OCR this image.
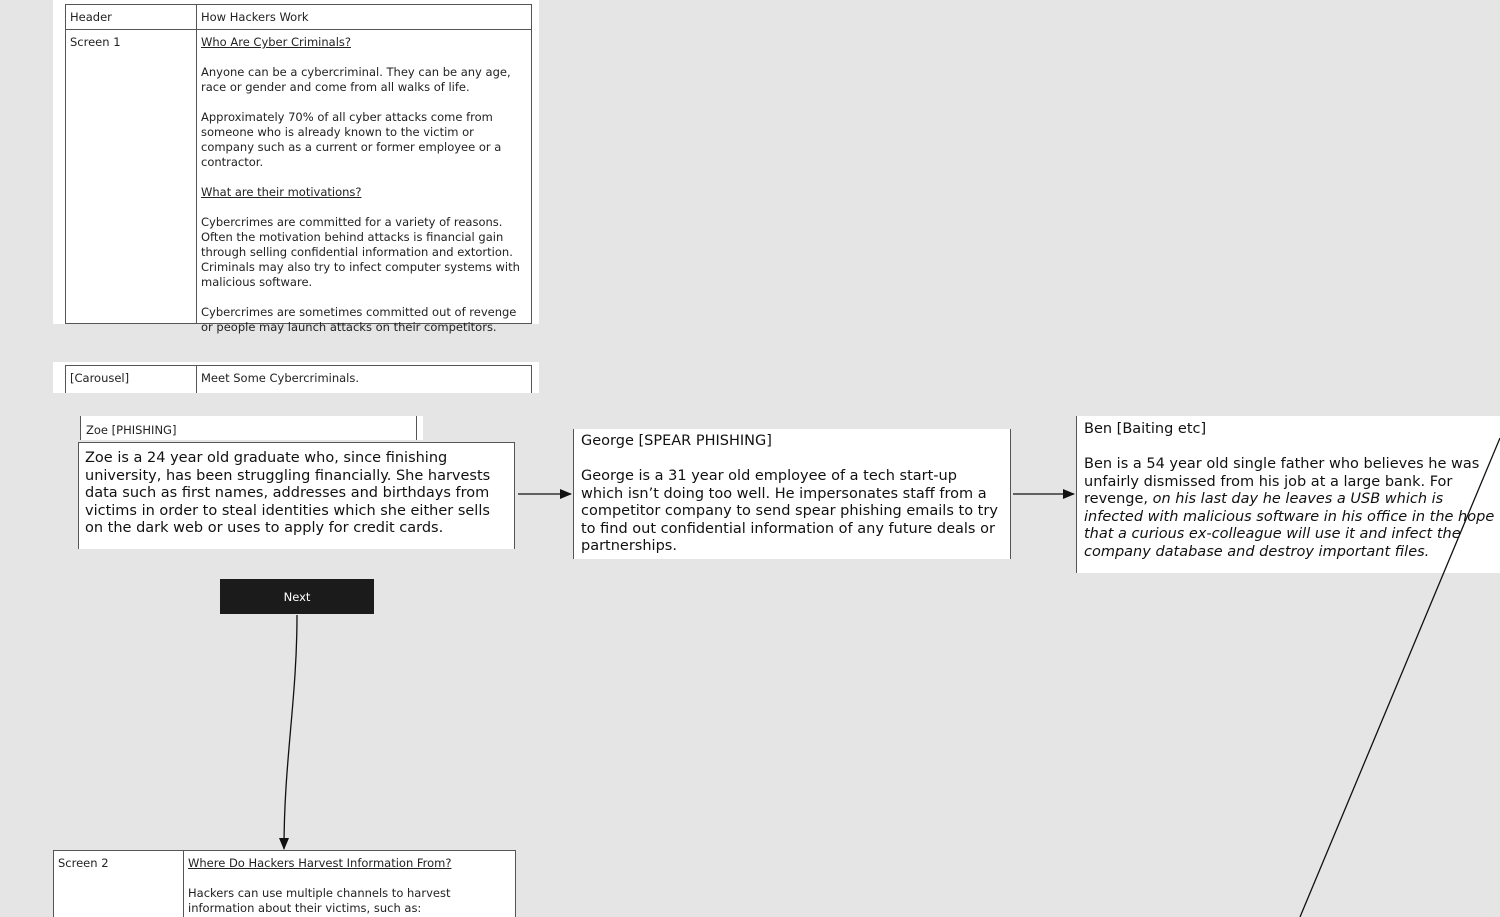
Header	How Hackers Work
Screen 1	Who Are Cyber Criminals?

Anyone can be a cybercriminal. They can be any age, race or gender and come from all walks of life.

Approximately 70% of all cyber attacks come from someone who is already known to the victim or company such as a current or former employee or a contractor.

What are their motivations?

Cybercrimes are committed for a variety of reasons. Often the motivation behind attacks is financial gain through selling confidential information and extortion. Criminals may also try to infect computer systems with malicious software.

Cybercrimes are sometimes committed out of revenge or people may launch attacks on their competitors.

[Carousel]	Meet Some Cybercriminals.
Zoe [PHISHING]
Zoe is a 24 year old graduate who, since finishing university, has been struggling financially. She harvests data such as first names, addresses and birthdays from victims in order to steal identities which she either sells on the dark web or uses to apply for credit cards.
George [SPEAR PHISHING]
George is a 31 year old employee of a tech start-up which isn’t doing too well. He impersonates staff from a competitor company to send spear phishing emails to try to find out confidential information of any future deals or partnerships.
Ben [Baiting etc]
Ben is a 54 year old single father who believes he was unfairly dismissed from his job at a large bank. For revenge, on his last day he leaves a USB which is infected with malicious software in his office in the hope that a curious ex-colleague will use it and infect the company database and destroy important files.
Next
Screen 2	Where Do Hackers Harvest Information From?

Hackers can use multiple channels to harvest information about their victims, such as:
